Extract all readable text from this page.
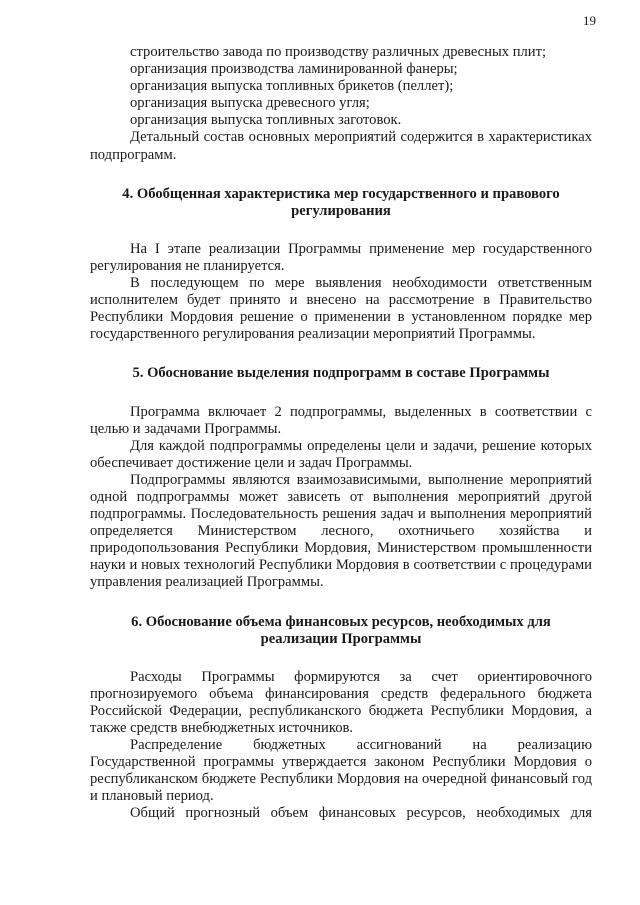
19

строительство завода по производству различных древесных плит;

организация производства ламинированной фанеры;

организация выпуска топливных брикетов (пеллет);

организация выпуска древесного угля;

организация выпуска топливных заготовок.

Детальный состав основных мероприятий содержится в характеристиках подпрограмм.

4. Обобщенная характеристика мер государственного и правового регулирования

На I этапе реализации Программы применение мер государственного регулирования не планируется.

В последующем по мере выявления необходимости ответственным исполнителем будет принято и внесено на рассмотрение в Правительство Республики Мордовия решение о применении в установленном порядке мер государственного регулирования реализации мероприятий Программы.

5. Обоснование выделения подпрограмм в составе Программы

Программа включает 2 подпрограммы, выделенных в соответствии с целью и задачами Программы.

Для каждой подпрограммы определены цели и задачи, решение которых обеспечивает достижение цели и задач Программы.

Подпрограммы являются взаимозависимыми, выполнение мероприятий одной подпрограммы может зависеть от выполнения мероприятий другой подпрограммы. Последовательность решения задач и выполнения мероприятий определяется Министерством лесного, охотничьего хозяйства и природопользования Республики Мордовия, Министерством промышленности науки и новых технологий Республики Мордовия в соответствии с процедурами управления реализацией Программы.

6. Обоснование объема финансовых ресурсов, необходимых для реализации Программы

Расходы Программы формируются за счет ориентировочного прогнозируемого объема финансирования средств федерального бюджета Российской Федерации, республиканского бюджета Республики Мордовия, а также средств внебюджетных источников.

Распределение бюджетных ассигнований на реализацию Государственной программы утверждается законом Республики Мордовия о республиканском бюджете Республики Мордовия на очередной финансовый год и плановый период.

Общий прогнозный объем финансовых ресурсов, необходимых для
